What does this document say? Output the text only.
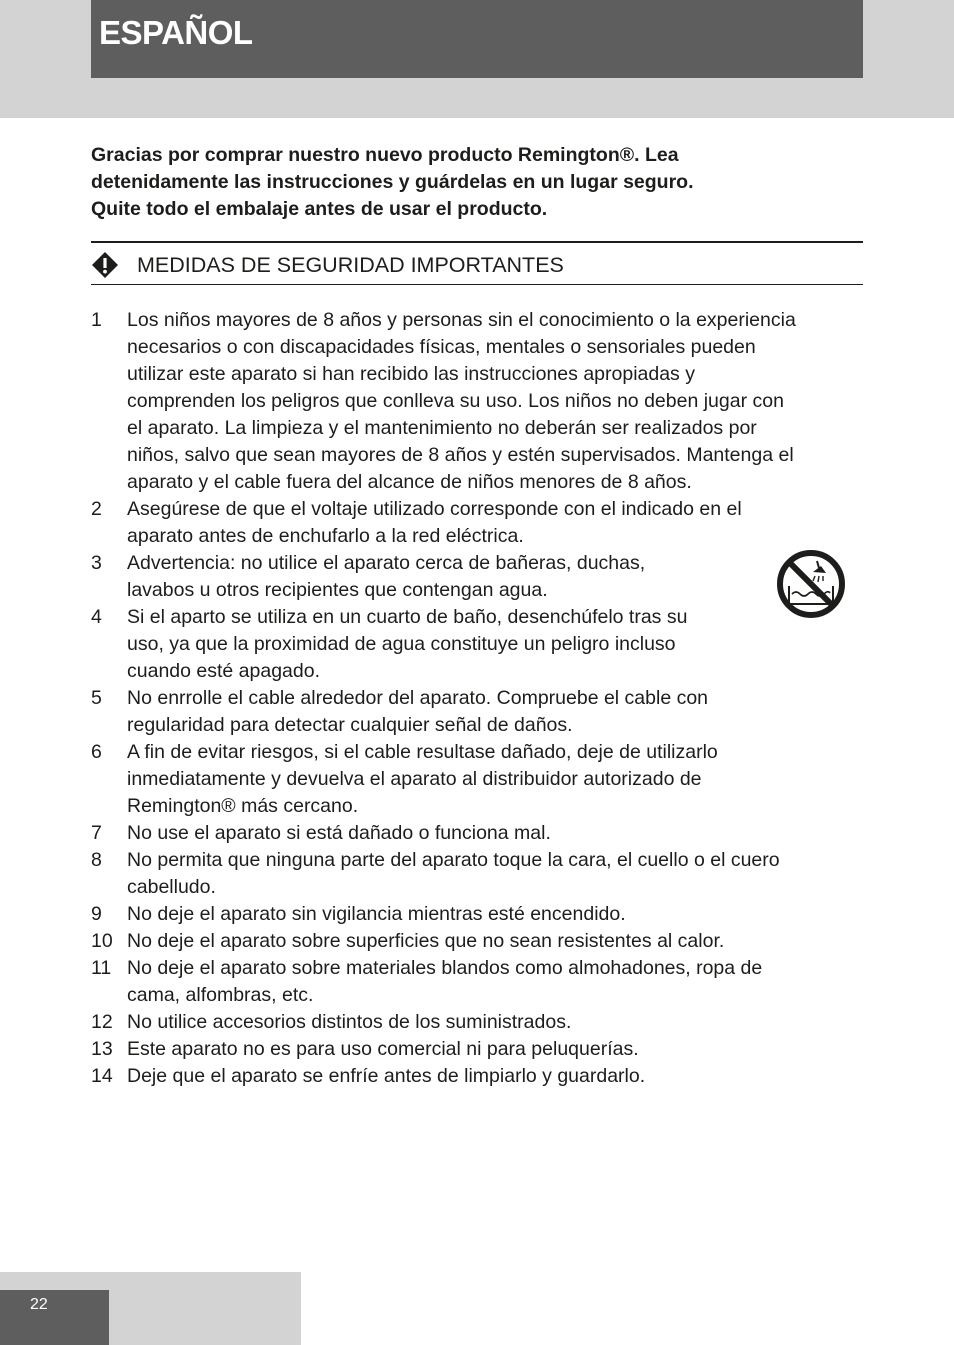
ESPAÑOL

Gracias por comprar nuestro nuevo producto Remington®. Lea
detenidamente las instrucciones y guárdelas en un lugar seguro.
Quite todo el embalaje antes de usar el producto.

MEDIDAS DE SEGURIDAD IMPORTANTES
1	Los niños mayores de 8 años y personas sin el conocimiento o la experiencia
necesarios o con discapacidades físicas, mentales o sensoriales pueden
utilizar este aparato si han recibido las instrucciones apropiadas y
comprenden los peligros que conlleva su uso. Los niños no deben jugar con
el aparato. La limpieza y el mantenimiento no deberán ser realizados por
niños, salvo que sean mayores de 8 años y estén supervisados. Mantenga el
aparato y el cable fuera del alcance de niños menores de 8 años.
2	Asegúrese de que el voltaje utilizado corresponde con el indicado en el
aparato antes de enchufarlo a la red eléctrica.
3	Advertencia: no utilice el aparato cerca de bañeras, duchas,
lavabos u otros recipientes que contengan agua.
4	Si el aparto se utiliza en un cuarto de baño, desenchúfelo tras su
uso, ya que la proximidad de agua constituye un peligro incluso
cuando esté apagado.
5	No enrrolle el cable alrededor del aparato. Compruebe el cable con
regularidad para detectar cualquier señal de daños.
6	A fin de evitar riesgos, si el cable resultase dañado, deje de utilizarlo
inmediatamente y devuelva el aparato al distribuidor autorizado de
Remington® más cercano.
7	No use el aparato si está dañado o funciona mal.
8	No permita que ninguna parte del aparato toque la cara, el cuello o el cuero
cabelludo.
9	No deje el aparato sin vigilancia mientras esté encendido.
10 No deje el aparato sobre superficies que no sean resistentes al calor.
11 No deje el aparato sobre materiales blandos como almohadones, ropa de
cama, alfombras, etc.
12 No utilice accesorios distintos de los suministrados.
13 Este aparato no es para uso comercial ni para peluquerías.
14 Deje que el aparato se enfríe antes de limpiarlo y guardarlo.
22
